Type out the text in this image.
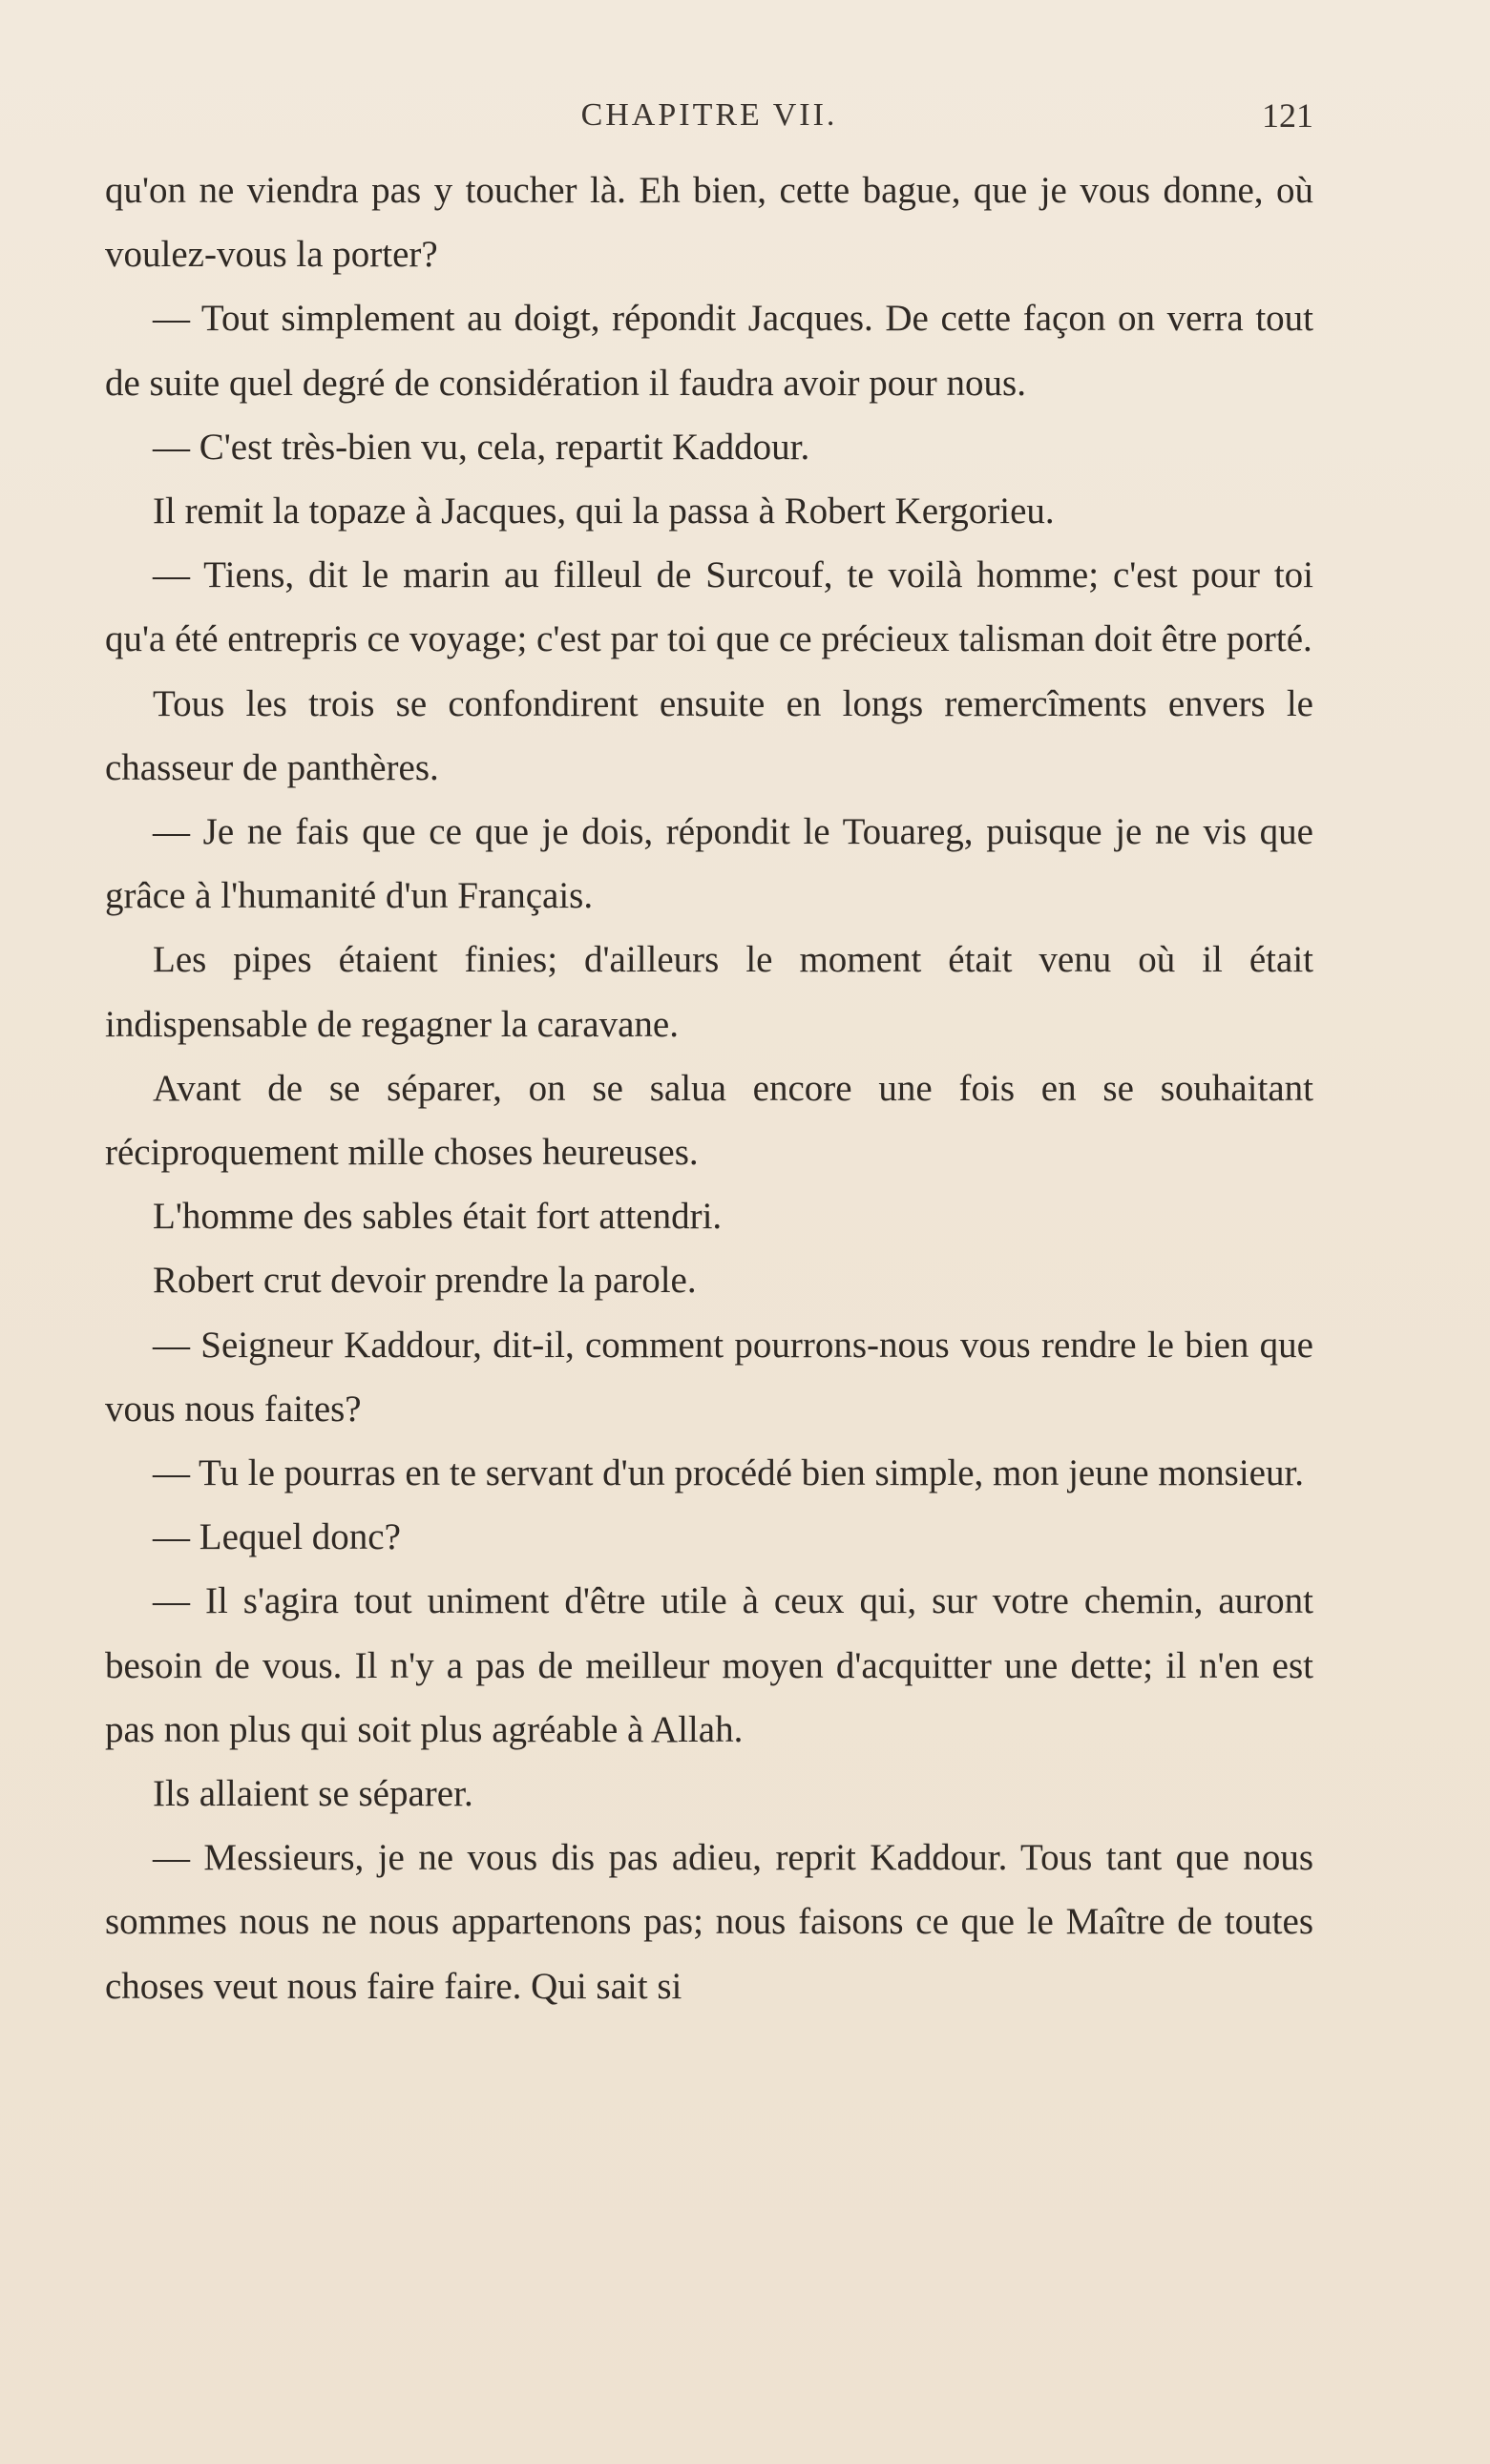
CHAPITRE VII.	121

qu'on ne viendra pas y toucher là. Eh bien, cette bague, que je vous donne, où voulez-vous la porter?

— Tout simplement au doigt, répondit Jacques. De cette façon on verra tout de suite quel degré de considération il faudra avoir pour nous.

— C'est très-bien vu, cela, repartit Kaddour.

Il remit la topaze à Jacques, qui la passa à Robert Kergorieu.

— Tiens, dit le marin au filleul de Surcouf, te voilà homme; c'est pour toi qu'a été entrepris ce voyage; c'est par toi que ce précieux talisman doit être porté.

Tous les trois se confondirent ensuite en longs remercîments envers le chasseur de panthères.

— Je ne fais que ce que je dois, répondit le Touareg, puisque je ne vis que grâce à l'humanité d'un Français.

Les pipes étaient finies; d'ailleurs le moment était venu où il était indispensable de regagner la caravane.

Avant de se séparer, on se salua encore une fois en se souhaitant réciproquement mille choses heureuses.

L'homme des sables était fort attendri.

Robert crut devoir prendre la parole.

— Seigneur Kaddour, dit-il, comment pourrons-nous vous rendre le bien que vous nous faites?

— Tu le pourras en te servant d'un procédé bien simple, mon jeune monsieur.

— Lequel donc?

— Il s'agira tout uniment d'être utile à ceux qui, sur votre chemin, auront besoin de vous. Il n'y a pas de meilleur moyen d'acquitter une dette; il n'en est pas non plus qui soit plus agréable à Allah.

Ils allaient se séparer.

— Messieurs, je ne vous dis pas adieu, reprit Kaddour. Tous tant que nous sommes nous ne nous appartenons pas; nous faisons ce que le Maître de toutes choses veut nous faire faire. Qui sait si
